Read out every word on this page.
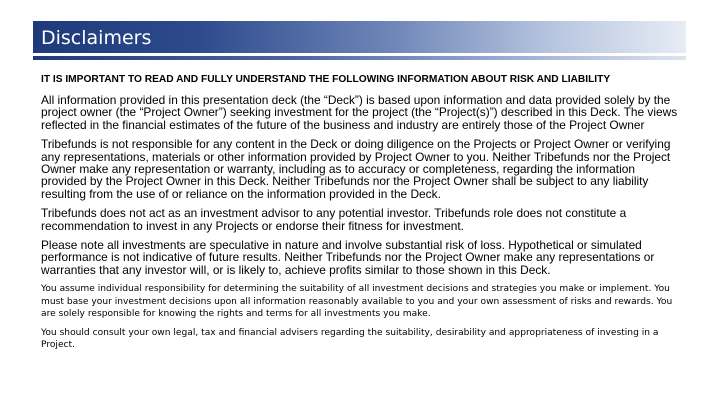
Disclaimers

IT IS IMPORTANT TO READ AND FULLY UNDERSTAND THE FOLLOWING INFORMATION ABOUT RISK AND LIABILITY

All information provided in this presentation deck (the “Deck”) is based upon information and data provided solely by the project owner (the “Project Owner”) seeking investment for the project (the “Project(s)”) described in this Deck. The views reflected in the financial estimates of the future of the business and industry are entirely those of the Project Owner

Tribefunds is not responsible for any content in the Deck or doing diligence on the Projects or Project Owner or verifying any representations, materials or other information provided by Project Owner to you. Neither Tribefunds nor the Project Owner make any representation or warranty, including as to accuracy or completeness, regarding the information provided by the Project Owner in this Deck. Neither Tribefunds nor the Project Owner shall be subject to any liability resulting from the use of or reliance on the information provided in the Deck.

Tribefunds does not act as an investment advisor to any potential investor. Tribefunds role does not constitute a recommendation to invest in any Projects or endorse their fitness for investment.

Please note all investments are speculative in nature and involve substantial risk of loss. Hypothetical or simulated performance is not indicative of future results. Neither Tribefunds nor the Project Owner make any representations or warranties that any investor will, or is likely to, achieve profits similar to those shown in this Deck.

You assume individual responsibility for determining the suitability of all investment decisions and strategies you make or implement. You must base your investment decisions upon all information reasonably available to you and your own assessment of risks and rewards. You are solely responsible for knowing the rights and terms for all investments you make.

You should consult your own legal, tax and financial advisers regarding the suitability, desirability and appropriateness of investing in a Project.
